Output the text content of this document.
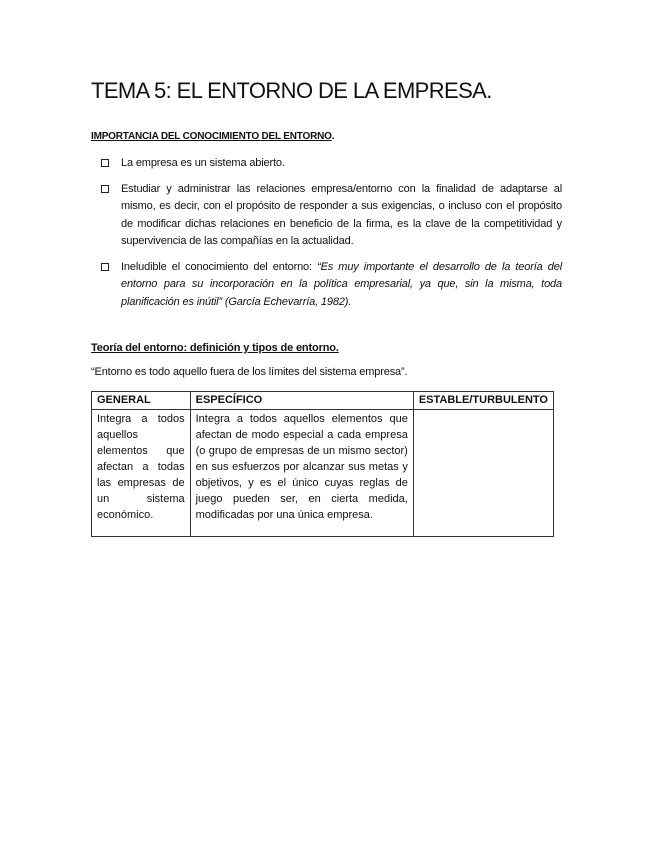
TEMA 5: EL ENTORNO DE LA EMPRESA.
IMPORTANCIA DEL CONOCIMIENTO DEL ENTORNO.
La empresa es un sistema abierto.
Estudiar y administrar las relaciones empresa/entorno con la finalidad de adaptarse al mismo, es decir, con el propósito de responder a sus exigencias, o incluso con el propósito de modificar dichas relaciones en beneficio de la firma, es la clave de la competitividad y supervivencia de las compañías en la actualidad.
Ineludible el conocimiento del entorno: “Es muy importante el desarrollo de la teoría del entorno para su incorporación en la política empresarial, ya que, sin la misma, toda planificación es inútil” (García Echevarría, 1982).
Teoría del entorno: definición y tipos de entorno.
“Entorno es todo aquello fuera de los límites del sistema empresa”.
GENERAL	ESPECÍFICO	ESTABLE/TURBULENTO
Integra a todos aquellos elementos que afectan a todas las empresas de un sistema económico.	Integra a todos aquellos elementos que afectan de modo especial a cada empresa (o grupo de empresas de un mismo sector) en sus esfuerzos por alcanzar sus metas y objetivos, y es el único cuyas reglas de juego pueden ser, en cierta medida, modificadas por una única empresa.	
